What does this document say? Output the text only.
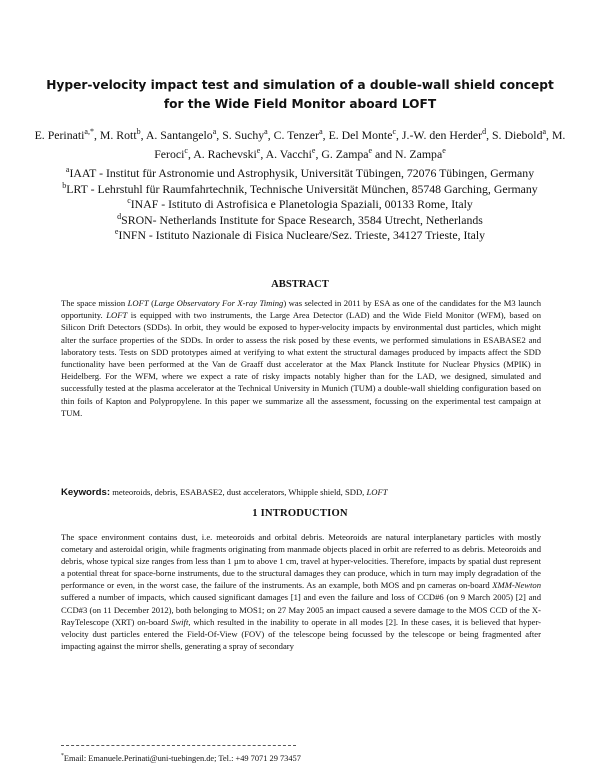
Hyper-velocity impact test and simulation of a double-wall shield concept for the Wide Field Monitor aboard LOFT
E. Perinati$^{a,*}$, M. Rott$^b$, A. Santangelo$^a$, S. Suchy$^a$, C. Tenzer$^a$, E. Del Monte$^c$, J.-W. den Herder$^d$, S. Diebold$^a$, M. Feroci$^c$, A. Rachevski$^e$, A. Vacchi$^e$, G. Zampa$^e$ and N. Zampa$^e$
$^a$IAAT - Institut für Astronomie und Astrophysik, Universität Tübingen, 72076 Tübingen, Germany
$^b$LRT - Lehrstuhl für Raumfahrtechnik, Technische Universität München, 85748 Garching, Germany
$^c$INAF - Istituto di Astrofisica e Planetologia Spaziali, 00133 Rome, Italy
$^d$SRON- Netherlands Institute for Space Research, 3584 Utrecht, Netherlands
$^e$INFN - Istituto Nazionale di Fisica Nucleare/Sez. Trieste, 34127 Trieste, Italy
ABSTRACT

The space mission LOFT (Large Observatory For X-ray Timing) was selected in 2011 by ESA as one of the candidates for the M3 launch opportunity. LOFT is equipped with two instruments, the Large Area Detector (LAD) and the Wide Field Monitor (WFM), based on Silicon Drift Detectors (SDDs). In orbit, they would be exposed to hyper-velocity impacts by environmental dust particles, which might alter the surface properties of the SDDs. In order to assess the risk posed by these events, we performed simulations in ESABASE2 and laboratory tests. Tests on SDD prototypes aimed at verifying to what extent the structural damages produced by impacts affect the SDD functionality have been performed at the Van de Graaff dust accelerator at the Max Planck Institute for Nuclear Physics (MPIK) in Heidelberg. For the WFM, where we expect a rate of risky impacts notably higher than for the LAD, we designed, simulated and successfully tested at the plasma accelerator at the Technical University in Munich (TUM) a double-wall shielding configuration based on thin foils of Kapton and Polypropylene. In this paper we summarize all the assessment, focussing on the experimental test campaign at TUM.

Keywords: meteoroids, debris, ESABASE2, dust accelerators, Whipple shield, SDD, LOFT
1 INTRODUCTION
The space environment contains dust, i.e. meteoroids and orbital debris. Meteoroids are natural interplanetary particles with mostly cometary and asteroidal origin, while fragments originating from manmade objects placed in orbit are referred to as debris. Meteoroids and debris, whose typical size ranges from less than 1 µm to above 1 cm, travel at hyper-velocities. Therefore, impacts by spatial dust represent a potential threat for space-borne instruments, due to the structural damages they can produce, which in turn may imply degradation of the performance or even, in the worst case, the failure of the instruments. As an example, both MOS and pn cameras on-board XMM-Newton suffered a number of impacts, which caused significant damages [1] and even the failure and loss of CCD#6 (on 9 March 2005) [2] and CCD#3 (on 11 December 2012), both belonging to MOS1; on 27 May 2005 an impact caused a severe damage to the MOS CCD of the X-RayTelescope (XRT) on-board Swift, which resulted in the inability to operate in all modes [2]. In these cases, it is believed that hyper-velocity dust particles entered the Field-Of-View (FOV) of the telescope being focussed by the telescope or being fragmented after impacting against the mirror shells, generating a spray of secondary
*Email: Emanuele.Perinati@uni-tuebingen.de; Tel.: +49 7071 29 73457
